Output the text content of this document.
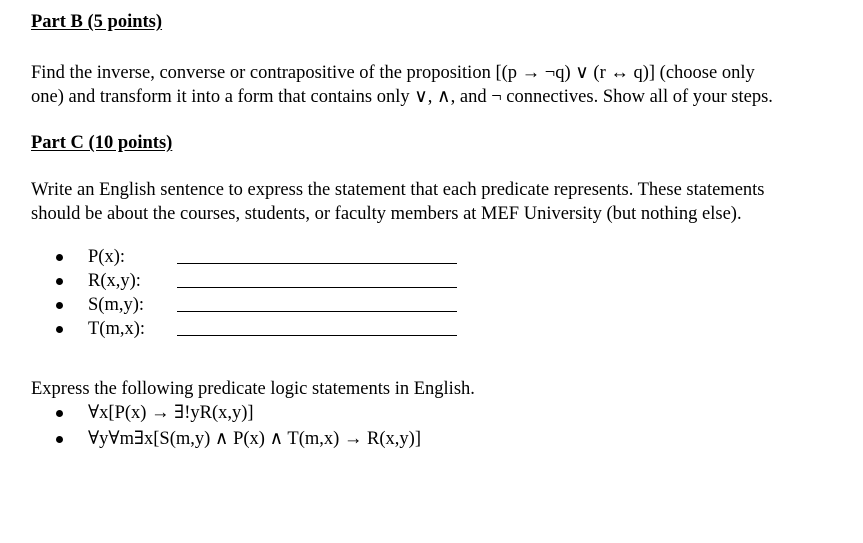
Part B (5 points)
Find the inverse, converse or contrapositive of the proposition [(p → ¬q) ∨ (r ↔ q)] (choose only
one) and transform it into a form that contains only ∨, ∧, and ¬ connectives. Show all of your steps.
Part C (10 points)
Write an English sentence to express the statement that each predicate represents. These statements
should be about the courses, students, or faculty members at MEF University (but nothing else).
P(x):
R(x,y):
S(m,y):
T(m,x):
Express the following predicate logic statements in English.
∀x[P(x) → ∃!yR(x,y)]
∀y∀m∃x[S(m,y) ∧ P(x) ∧ T(m,x) → R(x,y)]
